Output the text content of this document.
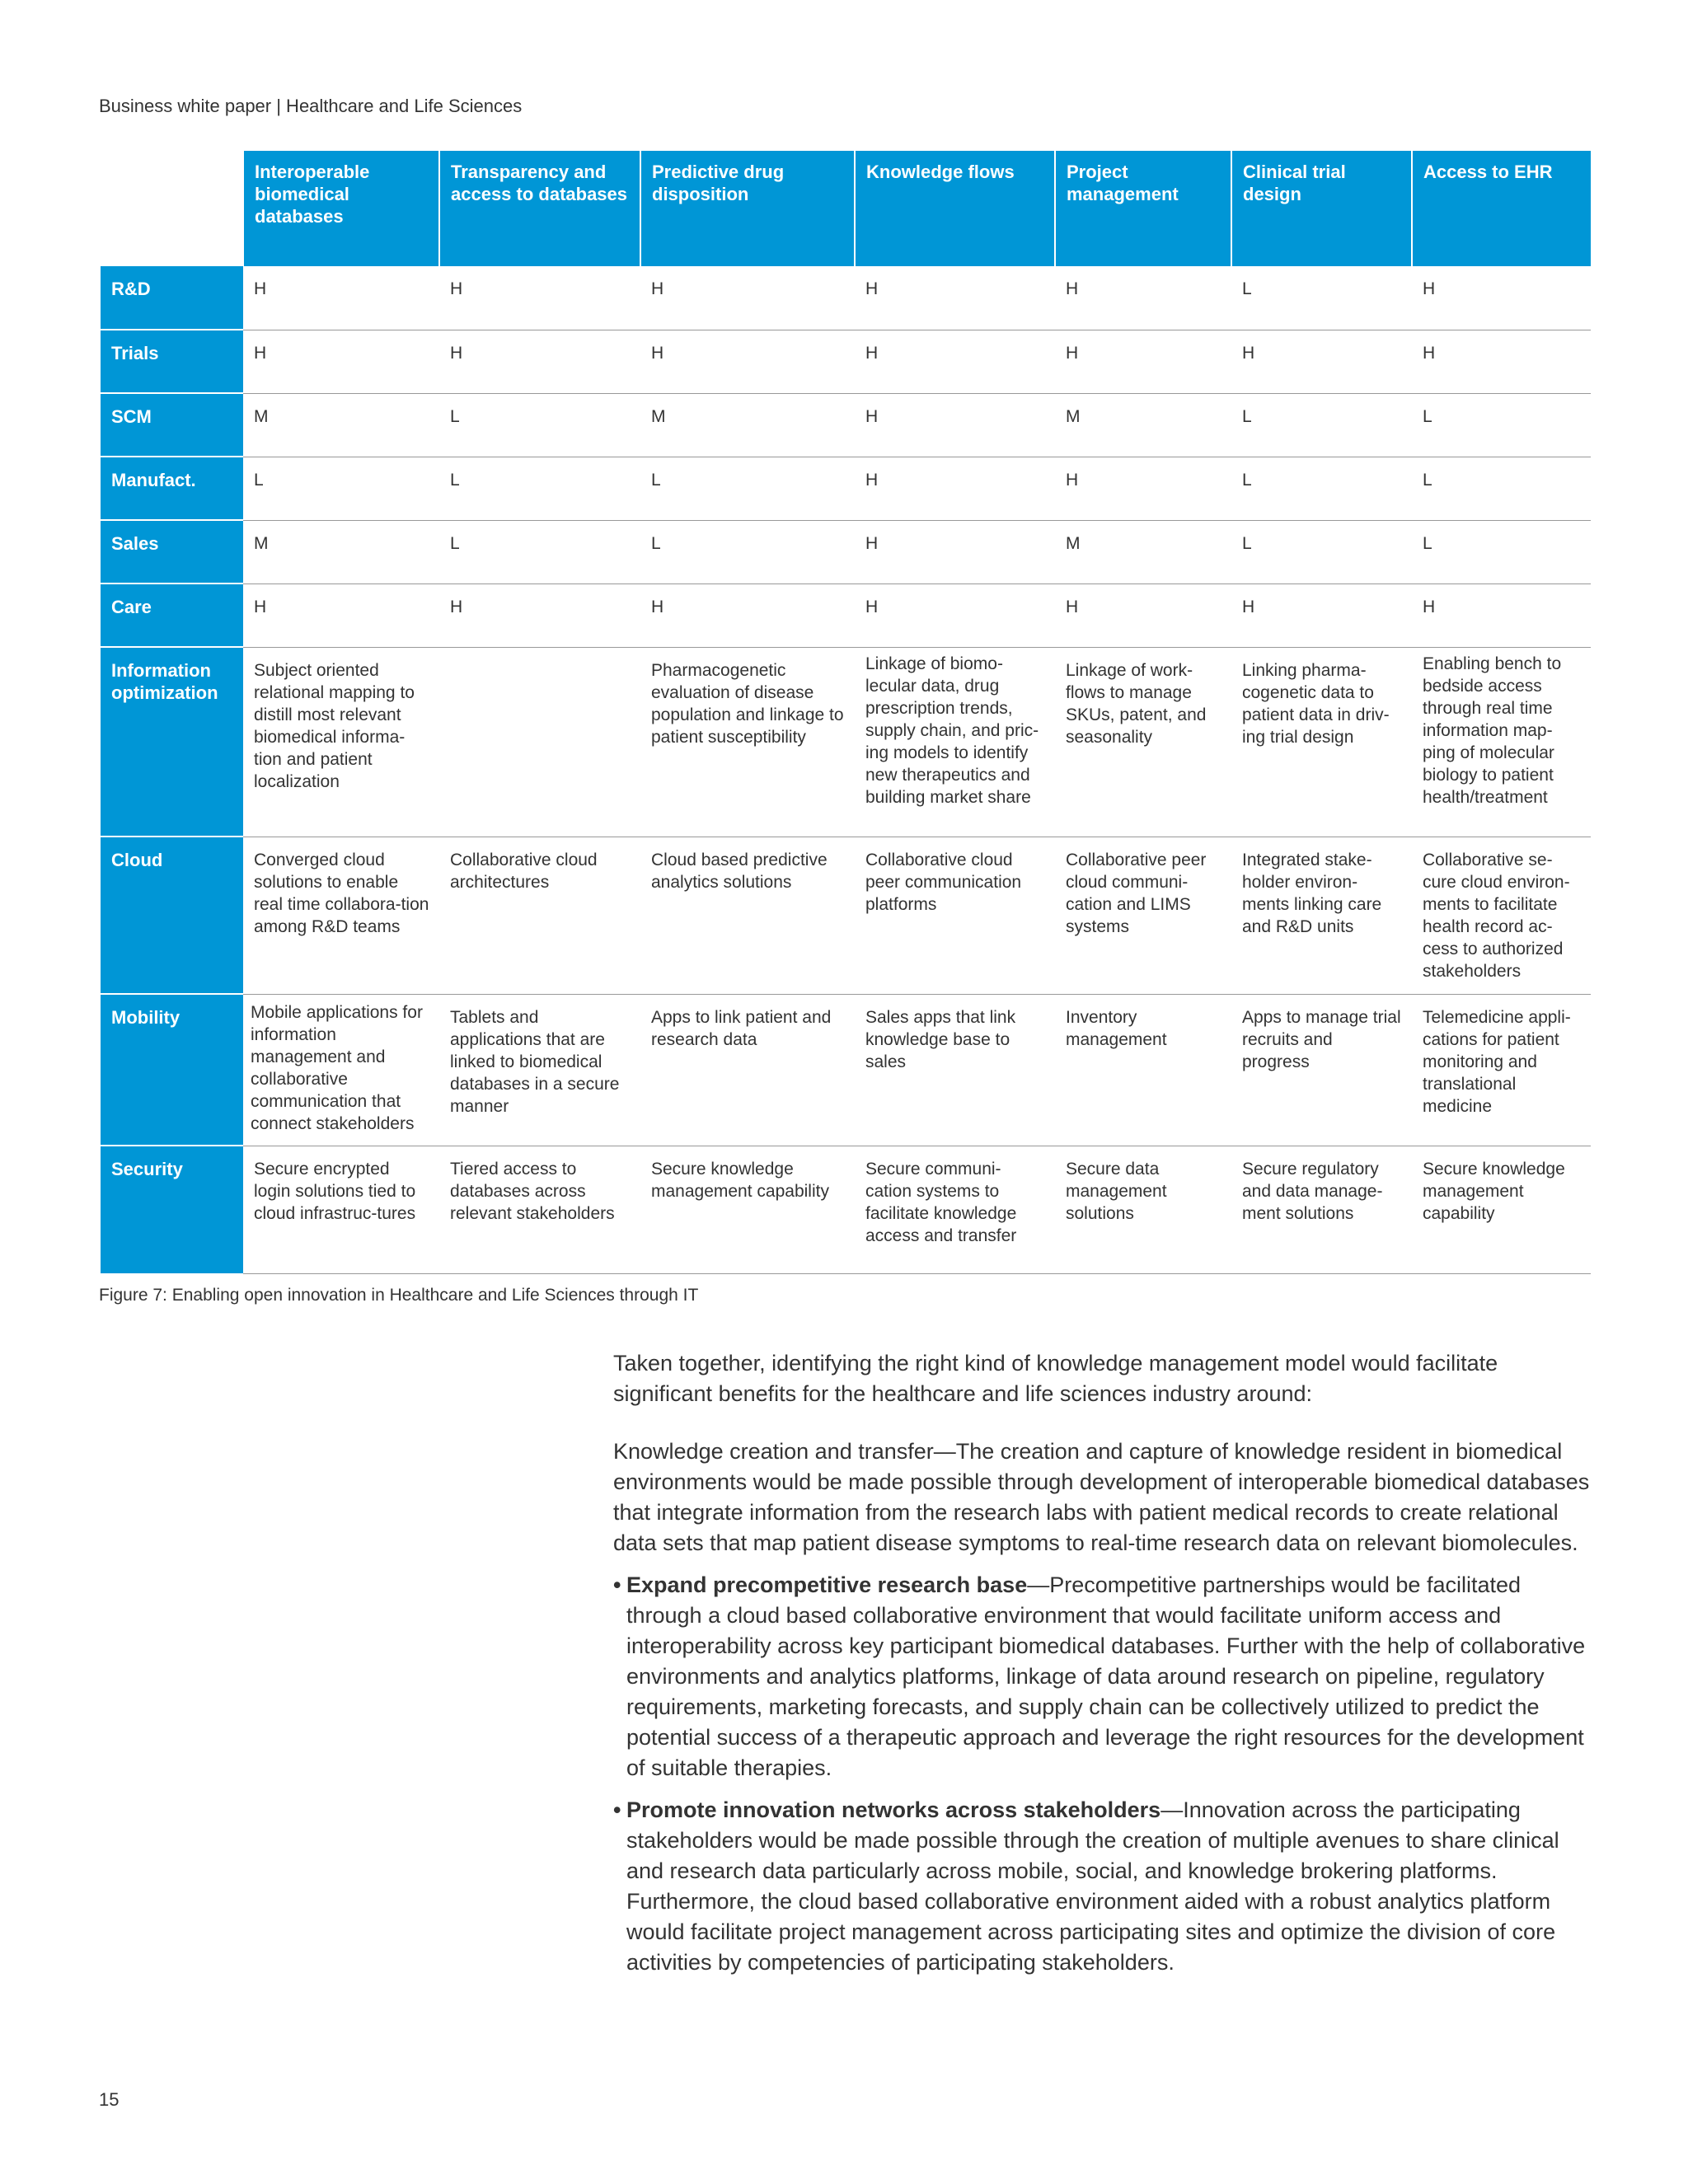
Business white paper | Healthcare and Life Sciences
	Interoperable biomedical databases	Transparency and access to databases	Predictive drug disposition	Knowledge flows	Project management	Clinical trial design	Access to EHR
R&D	H	H	H	H	H	L	H
Trials	H	H	H	H	H	H	H
SCM	M	L	M	H	M	L	L
Manufact.	L	L	L	H	H	L	L
Sales	M	L	L	H	M	L	L
Care	H	H	H	H	H	H	H
Information optimization	Subject oriented relational mapping to distill most relevant biomedical informa-tion and patient localization		Pharmacogenetic evaluation of disease population and linkage to patient susceptibility	Linkage of biomo-lecular data, drug prescription trends, supply chain, and pric-ing models to identify new therapeutics and building market share	Linkage of work-flows to manage SKUs, patent, and seasonality	Linking pharma-cogenetic data to patient data in driv-ing trial design	Enabling bench to bedside access through real time information map-ping of molecular biology to patient health/treatment
Cloud	Converged cloud solutions to enable real time collabora-tion among R&D teams	Collaborative cloud architectures	Cloud based predictive analytics solutions	Collaborative cloud peer communication platforms	Collaborative peer cloud communi-cation and LIMS systems	Integrated stake-holder environ-ments linking care and R&D units	Collaborative se-cure cloud environ-ments to facilitate health record ac-cess to authorized stakeholders
Mobility	Mobile applications for information management and collaborative communication that connect stakeholders	Tablets and applications that are linked to biomedical databases in a secure manner	Apps to link patient and research data	Sales apps that link knowledge base to sales	Inventory management	Apps to manage trial recruits and progress	Telemedicine appli-cations for patient monitoring and translational medicine
Security	Secure encrypted login solutions tied to cloud infrastruc-tures	Tiered access to databases across relevant stakeholders	Secure knowledge management capability	Secure communi-cation systems to facilitate knowledge access and transfer	Secure data management solutions	Secure regulatory and data manage-ment solutions	Secure knowledge management capability
Figure 7: Enabling open innovation in Healthcare and Life Sciences through IT

Taken together, identifying the right kind of knowledge management model would facilitate significant benefits for the healthcare and life sciences industry around:

Knowledge creation and transfer—The creation and capture of knowledge resident in biomedical environments would be made possible through development of interoperable biomedical databases that integrate information from the research labs with patient medical records to create relational data sets that map patient disease symptoms to real-time research data on relevant biomolecules.

• Expand precompetitive research base—Precompetitive partnerships would be facilitated through a cloud based collaborative environment that would facilitate uniform access and interoperability across key participant biomedical databases. Further with the help of collaborative environments and analytics platforms, linkage of data around research on pipeline, regulatory requirements, marketing forecasts, and supply chain can be collectively utilized to predict the potential success of a therapeutic approach and leverage the right resources for the development of suitable therapies.
• Promote innovation networks across stakeholders—Innovation across the participating stakeholders would be made possible through the creation of multiple avenues to share clinical and research data particularly across mobile, social, and knowledge brokering platforms. Furthermore, the cloud based collaborative environment aided with a robust analytics platform would facilitate project management across participating sites and optimize the division of core activities by competencies of participating stakeholders.
15
